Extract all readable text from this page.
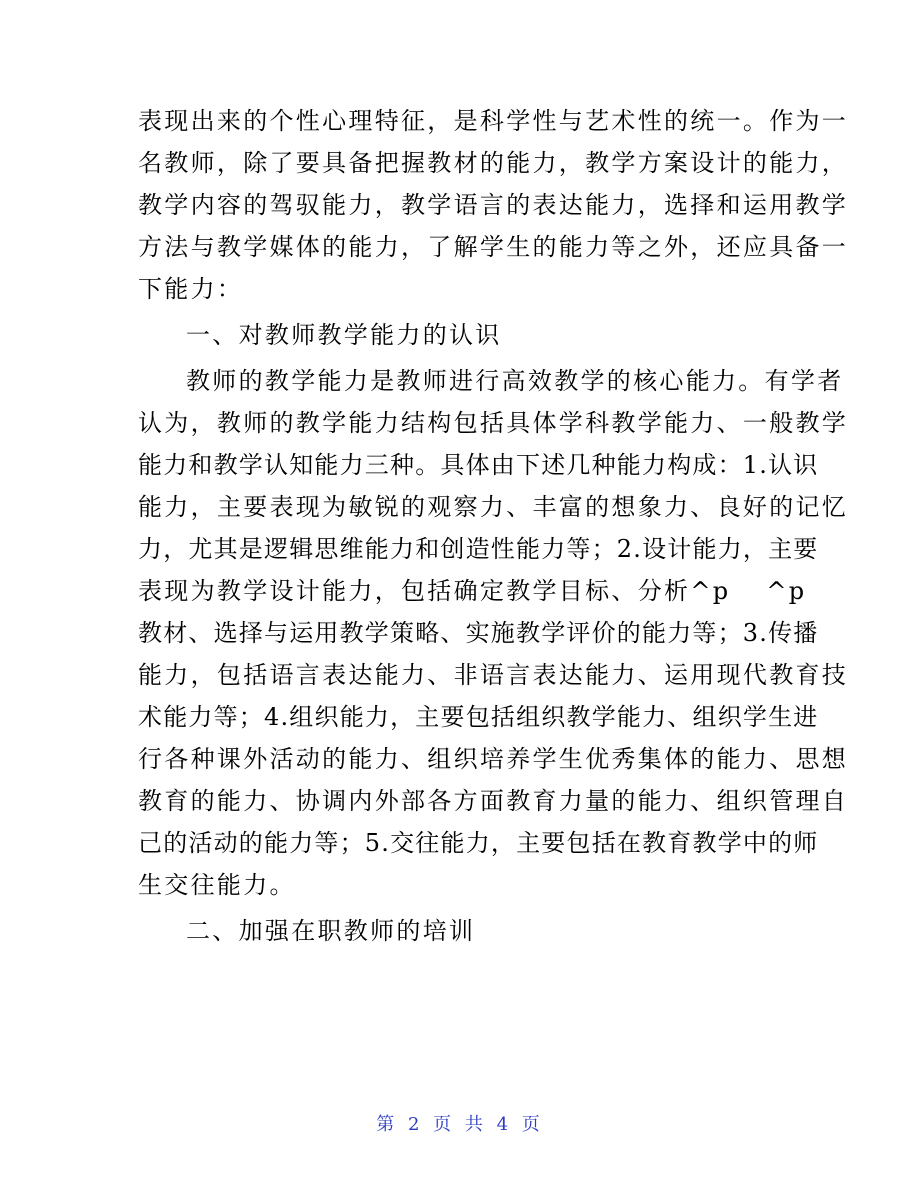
表现出来的个性心理特征，是科学性与艺术性的统一。作为一
名教师，除了要具备把握教材的能力，教学方案设计的能力，
教学内容的驾驭能力，教学语言的表达能力，选择和运用教学
方法与教学媒体的能力，了解学生的能力等之外，还应具备一
下能力：
一、对教师教学能力的认识
教师的教学能力是教师进行高效教学的核心能力。有学者
认为，教师的教学能力结构包括具体学科教学能力、一般教学
能力和教学认知能力三种。具体由下述几种能力构成：1.认识
能力，主要表现为敏锐的观察力、丰富的想象力、良好的记忆
力，尤其是逻辑思维能力和创造性能力等；2.设计能力，主要
表现为教学设计能力，包括确定教学目标、分析^p ^p
教材、选择与运用教学策略、实施教学评价的能力等；3.传播
能力，包括语言表达能力、非语言表达能力、运用现代教育技
术能力等；4.组织能力，主要包括组织教学能力、组织学生进
行各种课外活动的能力、组织培养学生优秀集体的能力、思想
教育的能力、协调内外部各方面教育力量的能力、组织管理自
己的活动的能力等；5.交往能力，主要包括在教育教学中的师
生交往能力。
二、加强在职教师的培训
第 2 页 共 4 页
